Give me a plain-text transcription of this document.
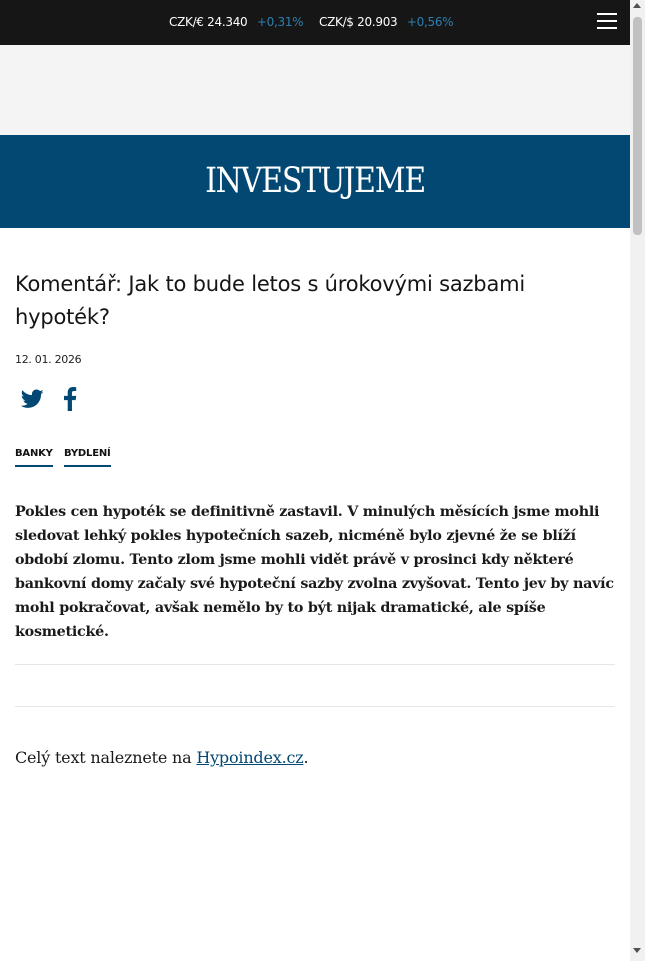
CZK/€ 24.340 +0,31% CZK/$ 20.903 +0,56%
INVESTUJEME
Komentář: Jak to bude letos s úrokovými sazbami hypoték?
12. 01. 2026
BANKY BYDLENÍ

Pokles cen hypoték se definitivně zastavil. V minulých měsících jsme mohli sledovat lehký pokles hypotečních sazeb, nicméně bylo zjevné že se blíží období zlomu. Tento zlom jsme mohli vidět právě v prosinci kdy některé bankovní domy začaly své hypoteční sazby zvolna zvyšovat. Tento jev by navíc mohl pokračovat, avšak nemělo by to být nijak dramatické, ale spíše kosmetické.

Celý text naleznete na Hypoindex.cz.
